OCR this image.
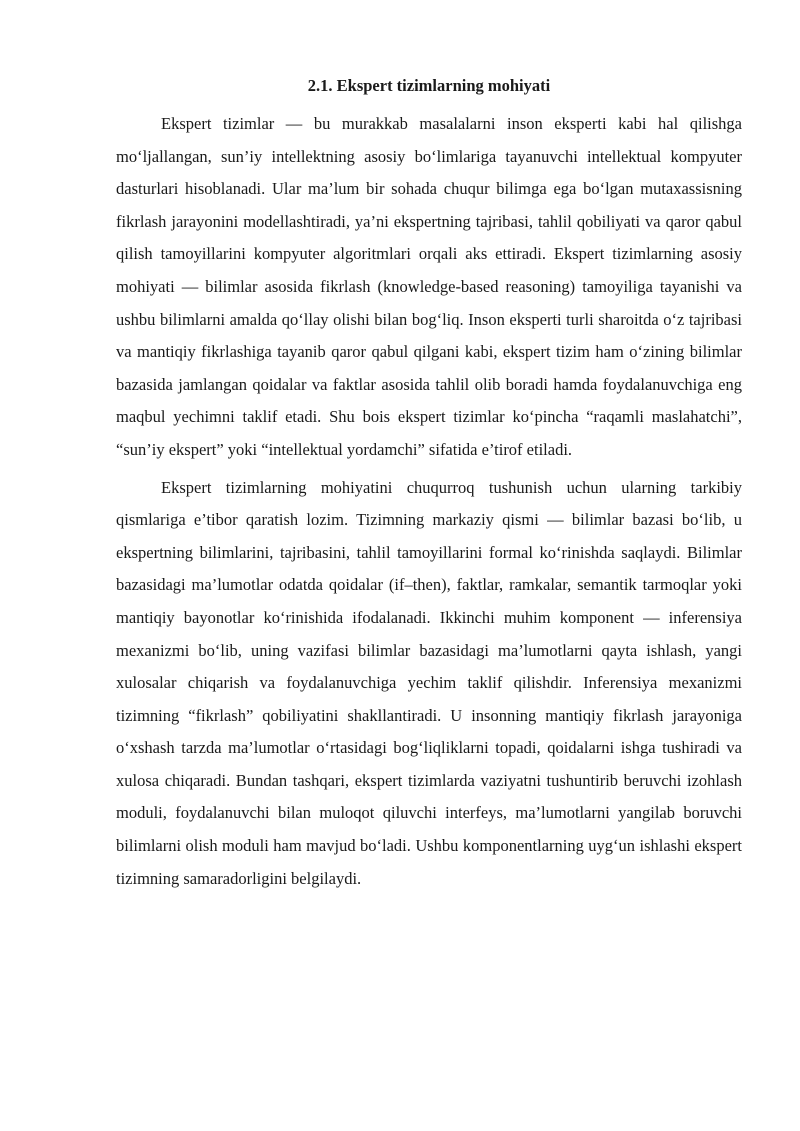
2.1. Ekspert tizimlarning mohiyati

Ekspert tizimlar — bu murakkab masalalarni inson eksperti kabi hal qilishga mo‘ljallangan, sun’iy intellektning asosiy bo‘limlariga tayanuvchi intellektual kompyuter dasturlari hisoblanadi. Ular ma’lum bir sohada chuqur bilimga ega bo‘lgan mutaxassisning fikrlash jarayonini modellashtiradi, ya’ni ekspertning tajribasi, tahlil qobiliyati va qaror qabul qilish tamoyillarini kompyuter algoritmlari orqali aks ettiradi. Ekspert tizimlarning asosiy mohiyati — bilimlar asosida fikrlash (knowledge-based reasoning) tamoyiliga tayanishi va ushbu bilimlarni amalda qo‘llay olishi bilan bog‘liq. Inson eksperti turli sharoitda o‘z tajribasi va mantiqiy fikrlashiga tayanib qaror qabul qilgani kabi, ekspert tizim ham o‘zining bilimlar bazasida jamlangan qoidalar va faktlar asosida tahlil olib boradi hamda foydalanuvchiga eng maqbul yechimni taklif etadi. Shu bois ekspert tizimlar ko‘pincha “raqamli maslahatchi”, “sun’iy ekspert” yoki “intellektual yordamchi” sifatida e’tirof etiladi.

Ekspert tizimlarning mohiyatini chuqurroq tushunish uchun ularning tarkibiy qismlariga e’tibor qaratish lozim. Tizimning markaziy qismi — bilimlar bazasi bo‘lib, u ekspertning bilimlarini, tajribasini, tahlil tamoyillarini formal ko‘rinishda saqlaydi. Bilimlar bazasidagi ma’lumotlar odatda qoidalar (if–then), faktlar, ramkalar, semantik tarmoqlar yoki mantiqiy bayonotlar ko‘rinishida ifodalanadi. Ikkinchi muhim komponent — inferensiya mexanizmi bo‘lib, uning vazifasi bilimlar bazasidagi ma’lumotlarni qayta ishlash, yangi xulosalar chiqarish va foydalanuvchiga yechim taklif qilishdir. Inferensiya mexanizmi tizimning “fikrlash” qobiliyatini shakllantiradi. U insonning mantiqiy fikrlash jarayoniga o‘xshash tarzda ma’lumotlar o‘rtasidagi bog‘liqliklarni topadi, qoidalarni ishga tushiradi va xulosa chiqaradi. Bundan tashqari, ekspert tizimlarda vaziyatni tushuntirib beruvchi izohlash moduli, foydalanuvchi bilan muloqot qiluvchi interfeys, ma’lumotlarni yangilab boruvchi bilimlarni olish moduli ham mavjud bo‘ladi. Ushbu komponentlarning uyg‘un ishlashi ekspert tizimning samaradorligini belgilaydi.
